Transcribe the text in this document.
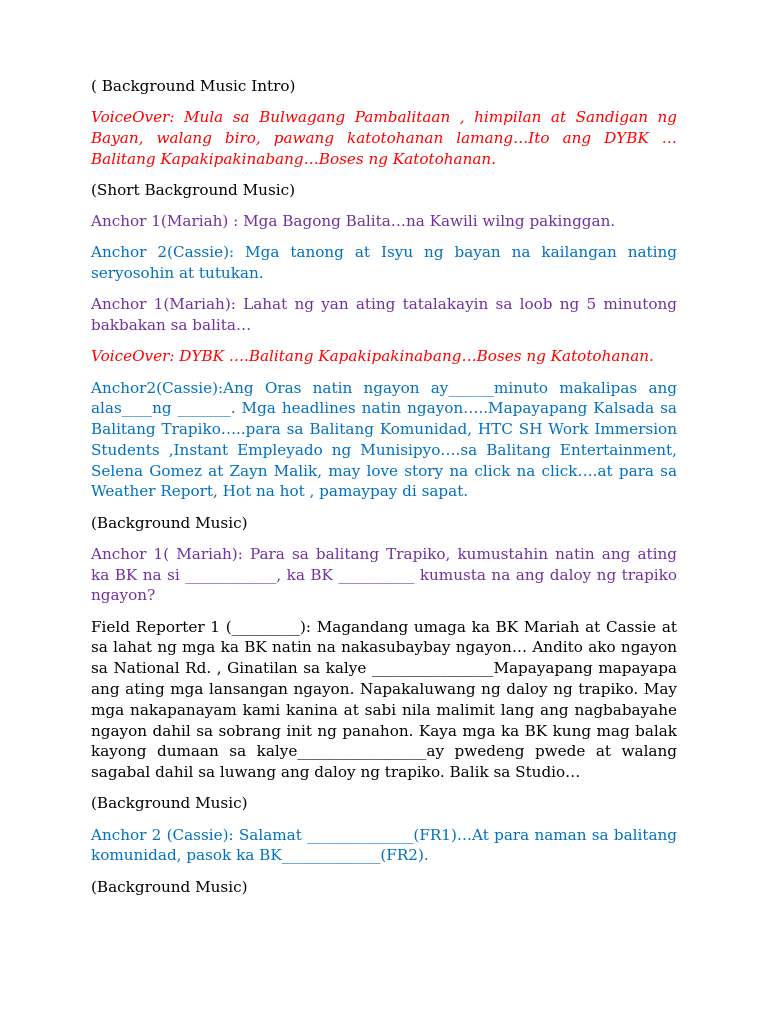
( Background Music Intro)

VoiceOver: Mula sa Bulwagang Pambalitaan , himpilan at Sandigan ng Bayan, walang biro, pawang katotohanan lamang…Ito ang DYBK … Balitang Kapakipakinabang…Boses ng Katotohanan.

(Short Background Music)

Anchor 1(Mariah) : Mga Bagong Balita…na Kawili wilng pakinggan.

Anchor 2(Cassie): Mga tanong at Isyu ng bayan na kailangan nating seryosohin at tutukan.

Anchor 1(Mariah): Lahat ng yan ating tatalakayin sa loob ng 5 minutong bakbakan sa balita…

VoiceOver: DYBK ….Balitang Kapakipakinabang…Boses ng Katotohanan.

Anchor2(Cassie):Ang Oras natin ngayon ay______minuto makalipas ang alas____ng _______. Mga headlines natin ngayon…..Mapayapang Kalsada sa Balitang Trapiko…..para sa Balitang Komunidad, HTC SH Work Immersion Students ,Instant Empleyado ng Munisipyo….sa Balitang Entertainment, Selena Gomez at Zayn Malik, may love story na click na click….at para sa Weather Report, Hot na hot , pamaypay di sapat.

(Background Music)

Anchor 1( Mariah): Para sa balitang Trapiko, kumustahin natin ang ating ka BK na si ____________, ka BK __________ kumusta na ang daloy ng trapiko ngayon?

Field Reporter 1 (_________): Magandang umaga ka BK Mariah at Cassie at sa lahat ng mga ka BK natin na nakasubaybay ngayon… Andito ako ngayon sa National Rd. , Ginatilan sa kalye ________________Mapayapang mapayapa ang ating mga lansangan ngayon. Napakaluwang ng daloy ng trapiko. May mga nakapanayam kami kanina at sabi nila malimit lang ang nagbabayahe ngayon dahil sa sobrang init ng panahon. Kaya mga ka BK kung mag balak kayong dumaan sa kalye_________________ay pwedeng pwede at walang sagabal dahil sa luwang ang daloy ng trapiko. Balik sa Studio…

(Background Music)

Anchor 2 (Cassie): Salamat ______________(FR1)…At para naman sa balitang komunidad, pasok ka BK_____________(FR2).

(Background Music)
